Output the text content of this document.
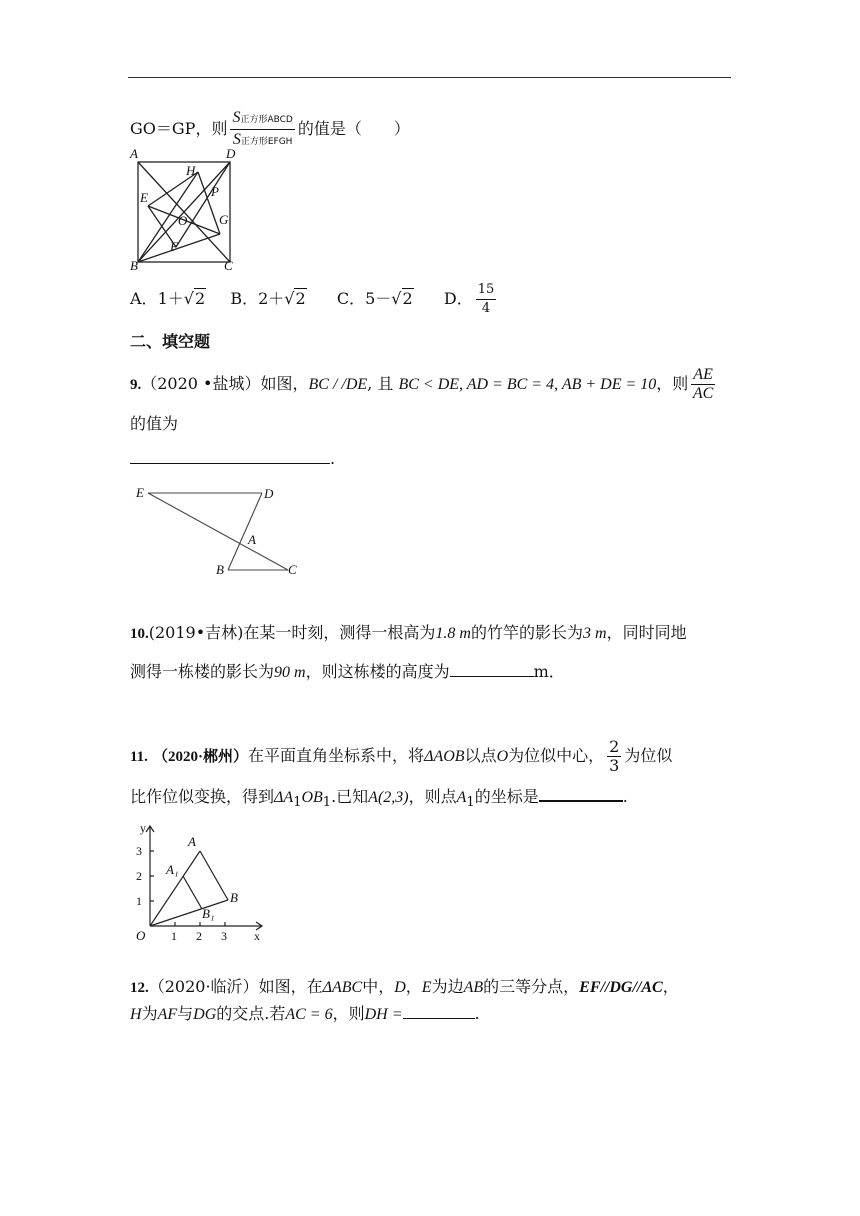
GO＝GP，则 $\frac{\text{S正方形ABCD}}{\text{S正方形EFGH}}$ 的值是（　　）
A	D
H
E	P
O G
F
B	C
A．1＋√2 B．2＋√2 C．5－√2 D． $\frac{15}{4}$
二、填空题
9.（2020 •盐城）如图，BC / /DE, 且 BC < DE, AD = BC = 4, AB + DE = 10，则 $\frac{AE}{AC}$
的值为
.
E	D
A
B	C
10.(2019•吉林)在某一时刻，测得一根高为1.8 m的竹竿的影长为3 m，同时同地
测得一栋楼的影长为90 m，则这栋楼的高度为	m．
11. （2020·郴州）在平面直角坐标系中，将ΔAOB以点O为位似中心， $\frac{2}{3}$ 为位似
比作位似变换，得到$\Delta A_1OB_1$.已知A(2,3)，则点$A_1$的坐标是	.
y
x
O
3
2
1
1 2 3
A
A₁
B
B₁
12.（2020·临沂）如图，在ΔABC中，D，E为边AB的三等分点，EF//DG//AC，
H为AF与DG的交点.若AC = 6，则DH =	.
